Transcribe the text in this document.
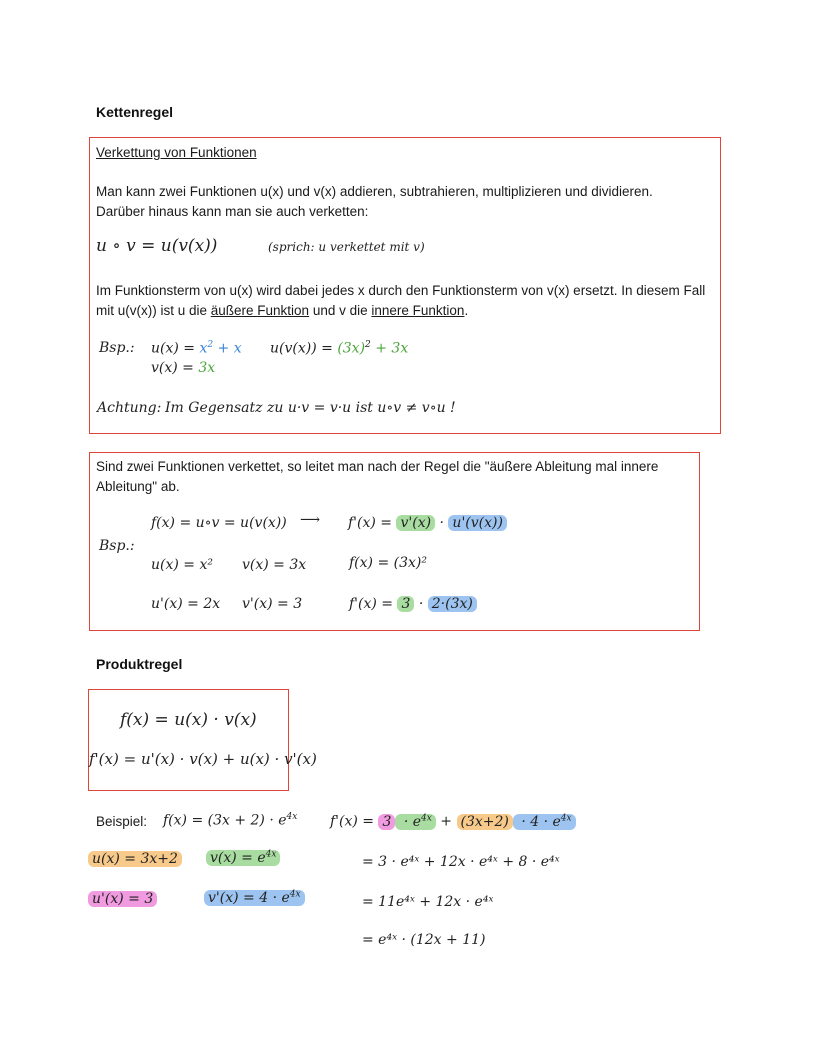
Kettenregel
Verkettung von Funktionen
Man kann zwei Funktionen u(x) und v(x) addieren, subtrahieren, multiplizieren und dividieren. Darüber hinaus kann man sie auch verketten:
u ∘ v = u(v(x))	(sprich: u verkettet mit v)
Im Funktionsterm von u(x) wird dabei jedes x durch den Funktionsterm von v(x) ersetzt. In diesem Fall mit u(v(x)) ist u die äußere Funktion und v die innere Funktion.
Bsp.: $u(x) = x^2 + x$
v(x) = 3x
$u(v(x)) = (3x)^2 + 3x$
Achtung: Im Gegensatz zu u·v = v·u ist u∘v ≠ v∘u !
Sind zwei Funktionen verkettet, so leitet man nach der Regel die "äußere Ableitung mal innere Ableitung" ab.
Bsp.:
f(x) = u∘v = u(v(x)) ⟶ f'(x) = v'(x) · u'(v(x))
u(x) = x² v(x) = 3x	f(x) = (3x)²
u'(x) = 2x v'(x) = 3	f'(x) = 3 · 2·(3x)
Produktregel
f(x) = u(x) · v(x)
f'(x) = u'(x) · v(x) + u(x) · v'(x)
Beispiel: $f(x) = (3x + 2) \cdot e^{4x}$
u(x) = 3x+2 $v(x) = e^{4x}$
u'(x) = 3	$v'(x) = 4 \cdot e^{4x}$
$f'(x) = 3 \cdot e^{4x} + (3x+2) \cdot 4 \cdot e^{4x}$
= 3 · e⁴ˣ + 12x · e⁴ˣ + 8 · e⁴ˣ
= 11e⁴ˣ + 12x · e⁴ˣ
= e⁴ˣ · (12x + 11)
